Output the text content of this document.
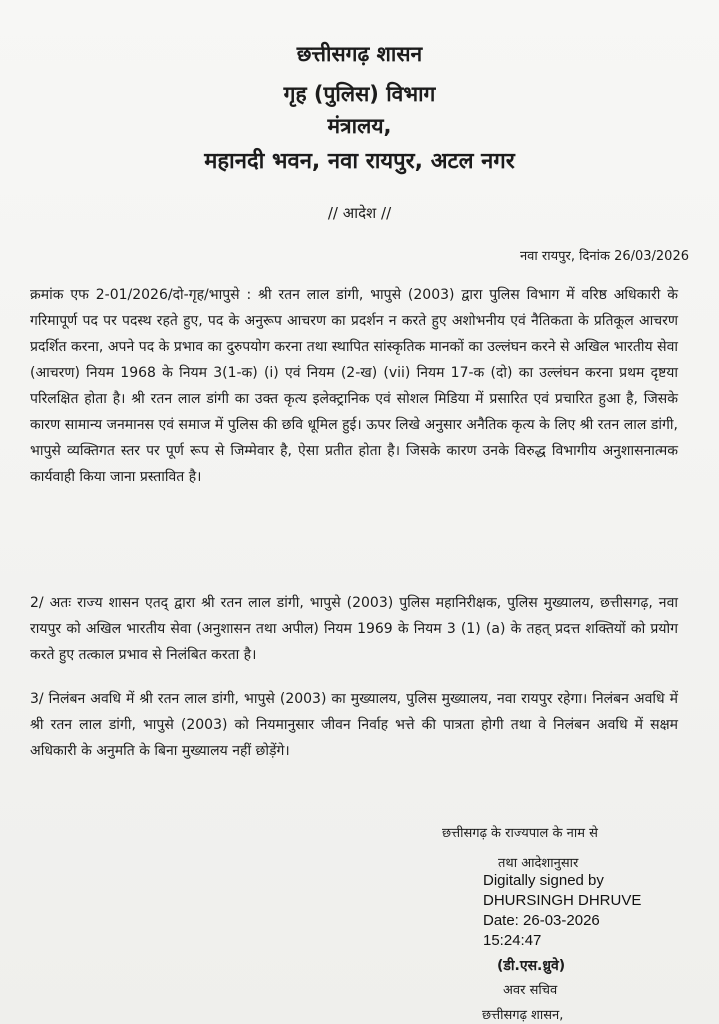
छत्तीसगढ़ शासन
गृह (पुलिस) विभाग
मंत्रालय,
महानदी भवन, नवा रायपुर, अटल नगर
// आदेश //
नवा रायपुर, दिनांक 26/03/2026

क्रमांक एफ 2-01/2026/दो-गृह/भापुसे : श्री रतन लाल डांगी, भापुसे (2003) द्वारा पुलिस विभाग में वरिष्ठ अधिकारी के गरिमापूर्ण पद पर पदस्थ रहते हुए, पद के अनुरूप आचरण का प्रदर्शन न करते हुए अशोभनीय एवं नैतिकता के प्रतिकूल आचरण प्रदर्शित करना, अपने पद के प्रभाव का दुरुपयोग करना तथा स्थापित सांस्कृतिक मानकों का उल्लंघन करने से अखिल भारतीय सेवा (आचरण) नियम 1968 के नियम 3(1-क) (i) एवं नियम (2-ख) (vii) नियम 17-क (दो) का उल्लंघन करना प्रथम दृष्टया परिलक्षित होता है। श्री रतन लाल डांगी का उक्त कृत्य इलेक्ट्रानिक एवं सोशल मिडिया में प्रसारित एवं प्रचारित हुआ है, जिसके कारण सामान्य जनमानस एवं समाज में पुलिस की छवि धूमिल हुई। ऊपर लिखे अनुसार अनैतिक कृत्य के लिए श्री रतन लाल डांगी, भापुसे व्यक्तिगत स्तर पर पूर्ण रूप से जिम्मेवार है, ऐसा प्रतीत होता है। जिसके कारण उनके विरुद्ध विभागीय अनुशासनात्मक कार्यवाही किया जाना प्रस्तावित है।

2/ अतः राज्य शासन एतद् द्वारा श्री रतन लाल डांगी, भापुसे (2003) पुलिस महानिरीक्षक, पुलिस मुख्यालय, छत्तीसगढ़, नवा रायपुर को अखिल भारतीय सेवा (अनुशासन तथा अपील) नियम 1969 के नियम 3 (1) (a) के तहत् प्रदत्त शक्तियों को प्रयोग करते हुए तत्काल प्रभाव से निलंबित करता है।

3/ निलंबन अवधि में श्री रतन लाल डांगी, भापुसे (2003) का मुख्यालय, पुलिस मुख्यालय, नवा रायपुर रहेगा। निलंबन अवधि में श्री रतन लाल डांगी, भापुसे (2003) को नियमानुसार जीवन निर्वाह भत्ते की पात्रता होगी तथा वे निलंबन अवधि में सक्षम अधिकारी के अनुमति के बिना मुख्यालय नहीं छोड़ेंगे।

छत्तीसगढ़ के राज्यपाल के नाम से
तथा आदेशानुसार
Digitally signed by
DHURSINGH DHRUVE
Date: 26-03-2026
15:24:47
(डी.एस.ध्रुवे)
अवर सचिव
छत्तीसगढ़ शासन,
